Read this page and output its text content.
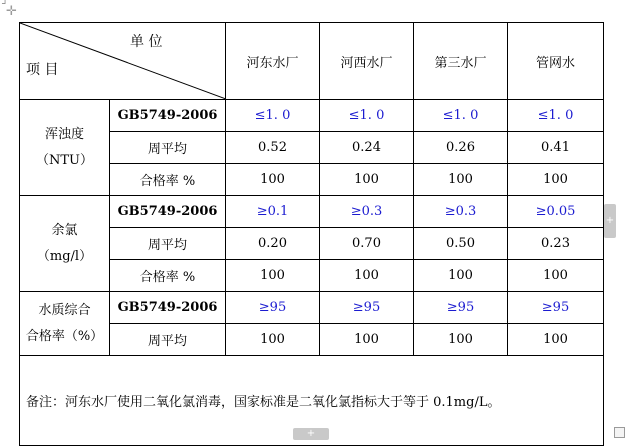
┘
✛
单 位
项 目		河东水厂	河西水厂	第三水厂	管网水

浑浊度
（NTU）	GB5749-2006	≤1. 0	≤1. 0	≤1. 0	≤1. 0
	周平均	0.52	0.24	0.26	0.41
	合格率 %	100	100	100	100

余氯
（mg/l）	GB5749-2006	≥0.1	≥0.3	≥0.3	≥0.05
	周平均	0.20	0.70	0.50	0.23
	合格率 %	100	100	100	100

水质综合
合格率（%）	GB5749-2006	≥95	≥95	≥95	≥95
	周平均	100	100	100	100
备注：河东水厂使用二氧化氯消毒，国家标准是二氧化氯指标大于等于 0.1mg/L。					
+
+
